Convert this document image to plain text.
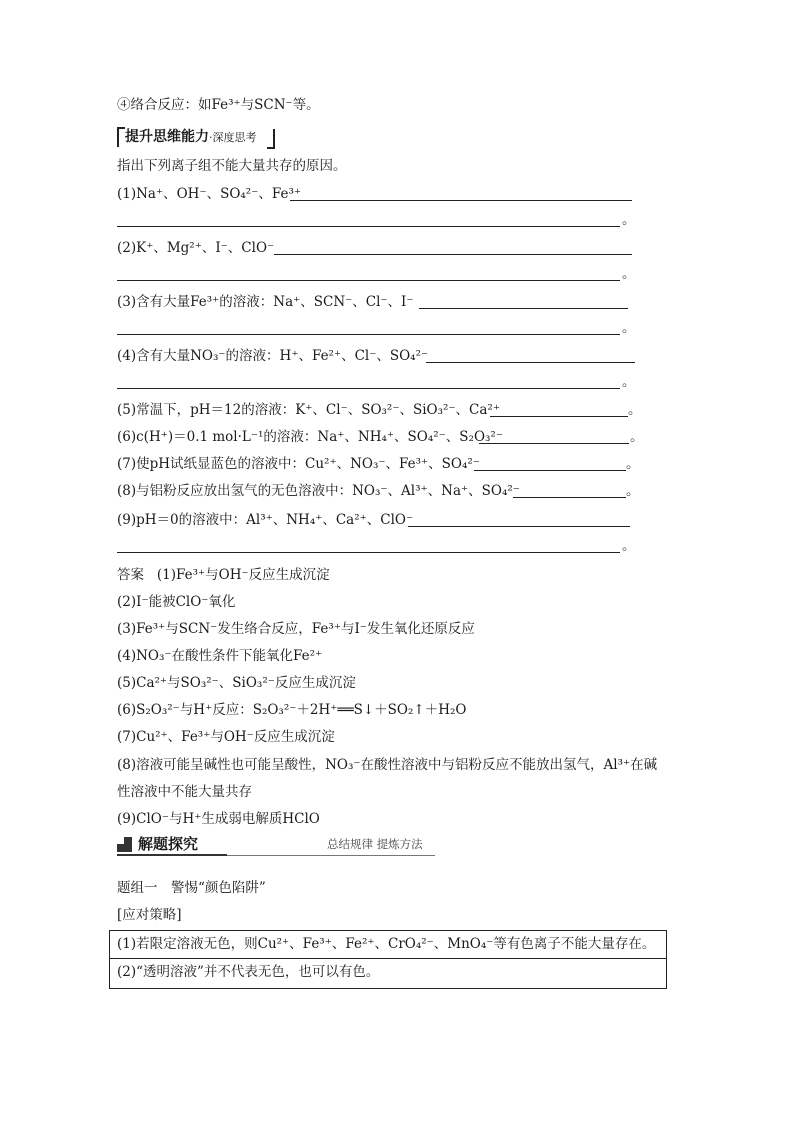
④络合反应：如Fe³⁺与SCN⁻等。
提升思维能力·深度思考
指出下列离子组不能大量共存的原因。
(1)Na⁺、OH⁻、SO₄²⁻、Fe³⁺
。
(2)K⁺、Mg²⁺、I⁻、ClO⁻
。
(3)含有大量Fe³⁺的溶液：Na⁺、SCN⁻、Cl⁻、I⁻
。
(4)含有大量NO₃⁻的溶液：H⁺、Fe²⁺、Cl⁻、SO₄²⁻
。
(5)常温下，pH＝12的溶液：K⁺、Cl⁻、SO₃²⁻、SiO₃²⁻、Ca²⁺	。
(6)c(H⁺)＝0.1 mol·L⁻¹的溶液：Na⁺、NH₄⁺、SO₄²⁻、S₂O₃²⁻	。
(7)使pH试纸显蓝色的溶液中：Cu²⁺、NO₃⁻、Fe³⁺、SO₄²⁻	。
(8)与铝粉反应放出氢气的无色溶液中：NO₃⁻、Al³⁺、Na⁺、SO₄²⁻	。
(9)pH＝0的溶液中：Al³⁺、NH₄⁺、Ca²⁺、ClO⁻
。
答案 (1)Fe³⁺与OH⁻反应生成沉淀
(2)I⁻能被ClO⁻氧化
(3)Fe³⁺与SCN⁻发生络合反应，Fe³⁺与I⁻发生氧化还原反应
(4)NO₃⁻在酸性条件下能氧化Fe²⁺
(5)Ca²⁺与SO₃²⁻、SiO₃²⁻反应生成沉淀
(6)S₂O₃²⁻与H⁺反应：S₂O₃²⁻＋2H⁺══S↓＋SO₂↑＋H₂O
(7)Cu²⁺、Fe³⁺与OH⁻反应生成沉淀
(8)溶液可能呈碱性也可能呈酸性，NO₃⁻在酸性溶液中与铝粉反应不能放出氢气，Al³⁺在碱
性溶液中不能大量共存
(9)ClO⁻与H⁺生成弱电解质HClO
解题探究	总结规律 提炼方法
题组一　警惕“颜色陷阱”
[应对策略]
(1)若限定溶液无色，则Cu²⁺、Fe³⁺、Fe²⁺、CrO₄²⁻、MnO₄⁻等有色离子不能大量存在。
(2)“透明溶液”并不代表无色，也可以有色。
